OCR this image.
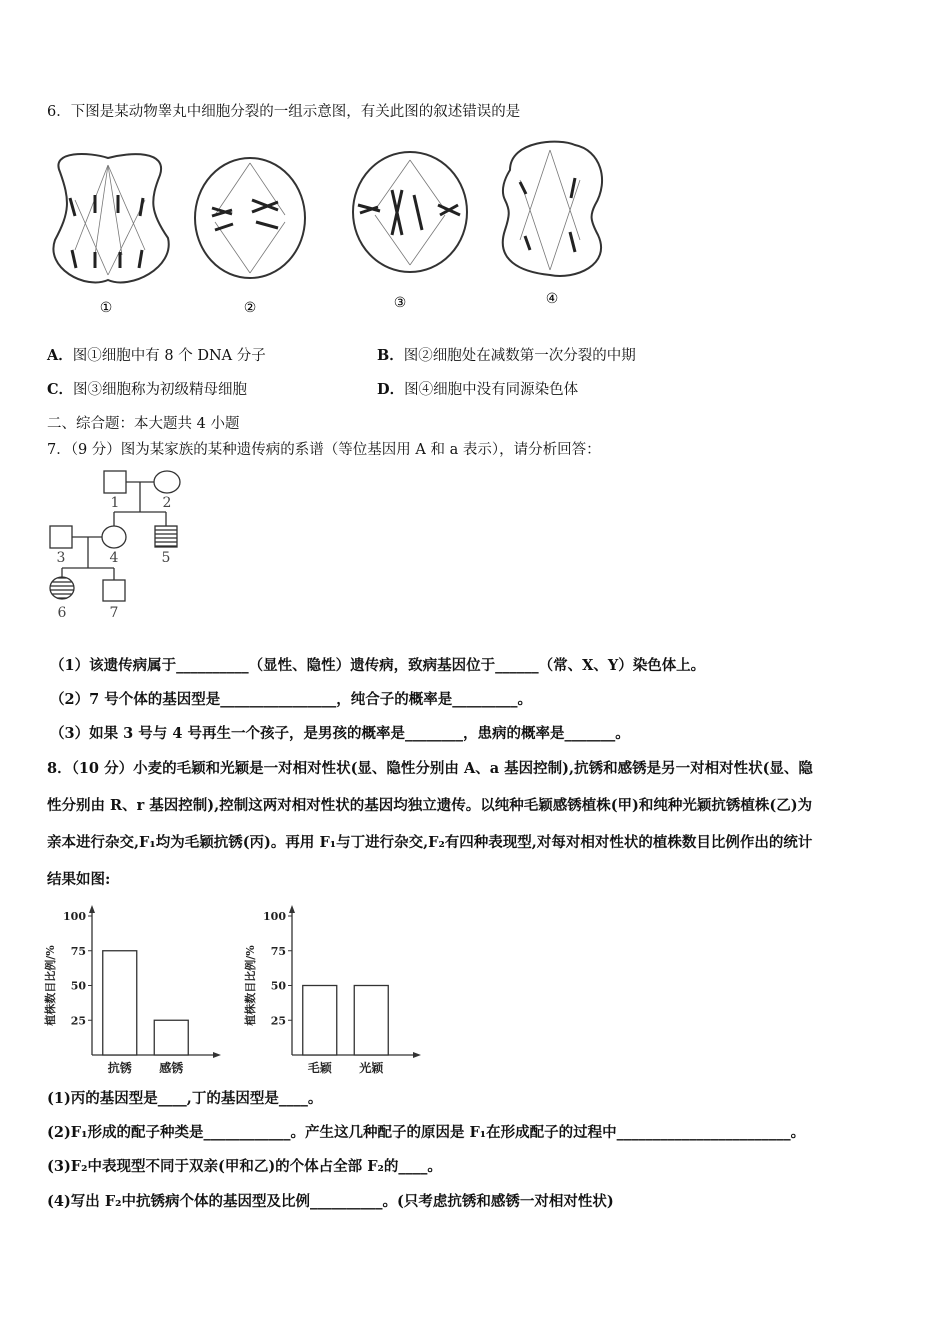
6．下图是某动物睾丸中细胞分裂的一组示意图，有关此图的叙述错误的是
①	②	③	④
A．图①细胞中有 8 个 DNA 分子	B．图②细胞处在减数第一次分裂的中期
C．图③细胞称为初级精母细胞	D．图④细胞中没有同源染色体
二、综合题：本大题共 4 小题
7．（9 分）图为某家族的某种遗传病的系谱（等位基因用 A 和 a 表示），请分析回答：
1	2
3	4	5
6	7
（1）该遗传病属于__________（显性、隐性）遗传病，致病基因位于______（常、X、Y）染色体上。
（2）7 号个体的基因型是________________，纯合子的概率是_________。
（3）如果 3 号与 4 号再生一个孩子，是男孩的概率是________，患病的概率是_______。
8．（10 分）小麦的毛颖和光颖是一对相对性状(显、隐性分别由 A、a 基因控制),抗锈和感锈是另一对相对性状(显、隐
性分别由 R、r 基因控制),控制这两对相对性状的基因均独立遗传。以纯种毛颖感锈植株(甲)和纯种光颖抗锈植株(乙)为
亲本进行杂交,F₁均为毛颖抗锈(丙)。再用 F₁与丁进行杂交,F₂有四种表现型,对每对相对性状的植株数目比例作出的统计
结果如图:
25
50
75
100
植株数目比例/%
抗锈 感锈
25
50
75
100
植株数目比例/%
毛颖 光颖
(1)丙的基因型是____,丁的基因型是____。
(2)F₁形成的配子种类是____________。产生这几种配子的原因是 F₁在形成配子的过程中________________________。
(3)F₂中表现型不同于双亲(甲和乙)的个体占全部 F₂的____。
(4)写出 F₂中抗锈病个体的基因型及比例__________。(只考虑抗锈和感锈一对相对性状)
